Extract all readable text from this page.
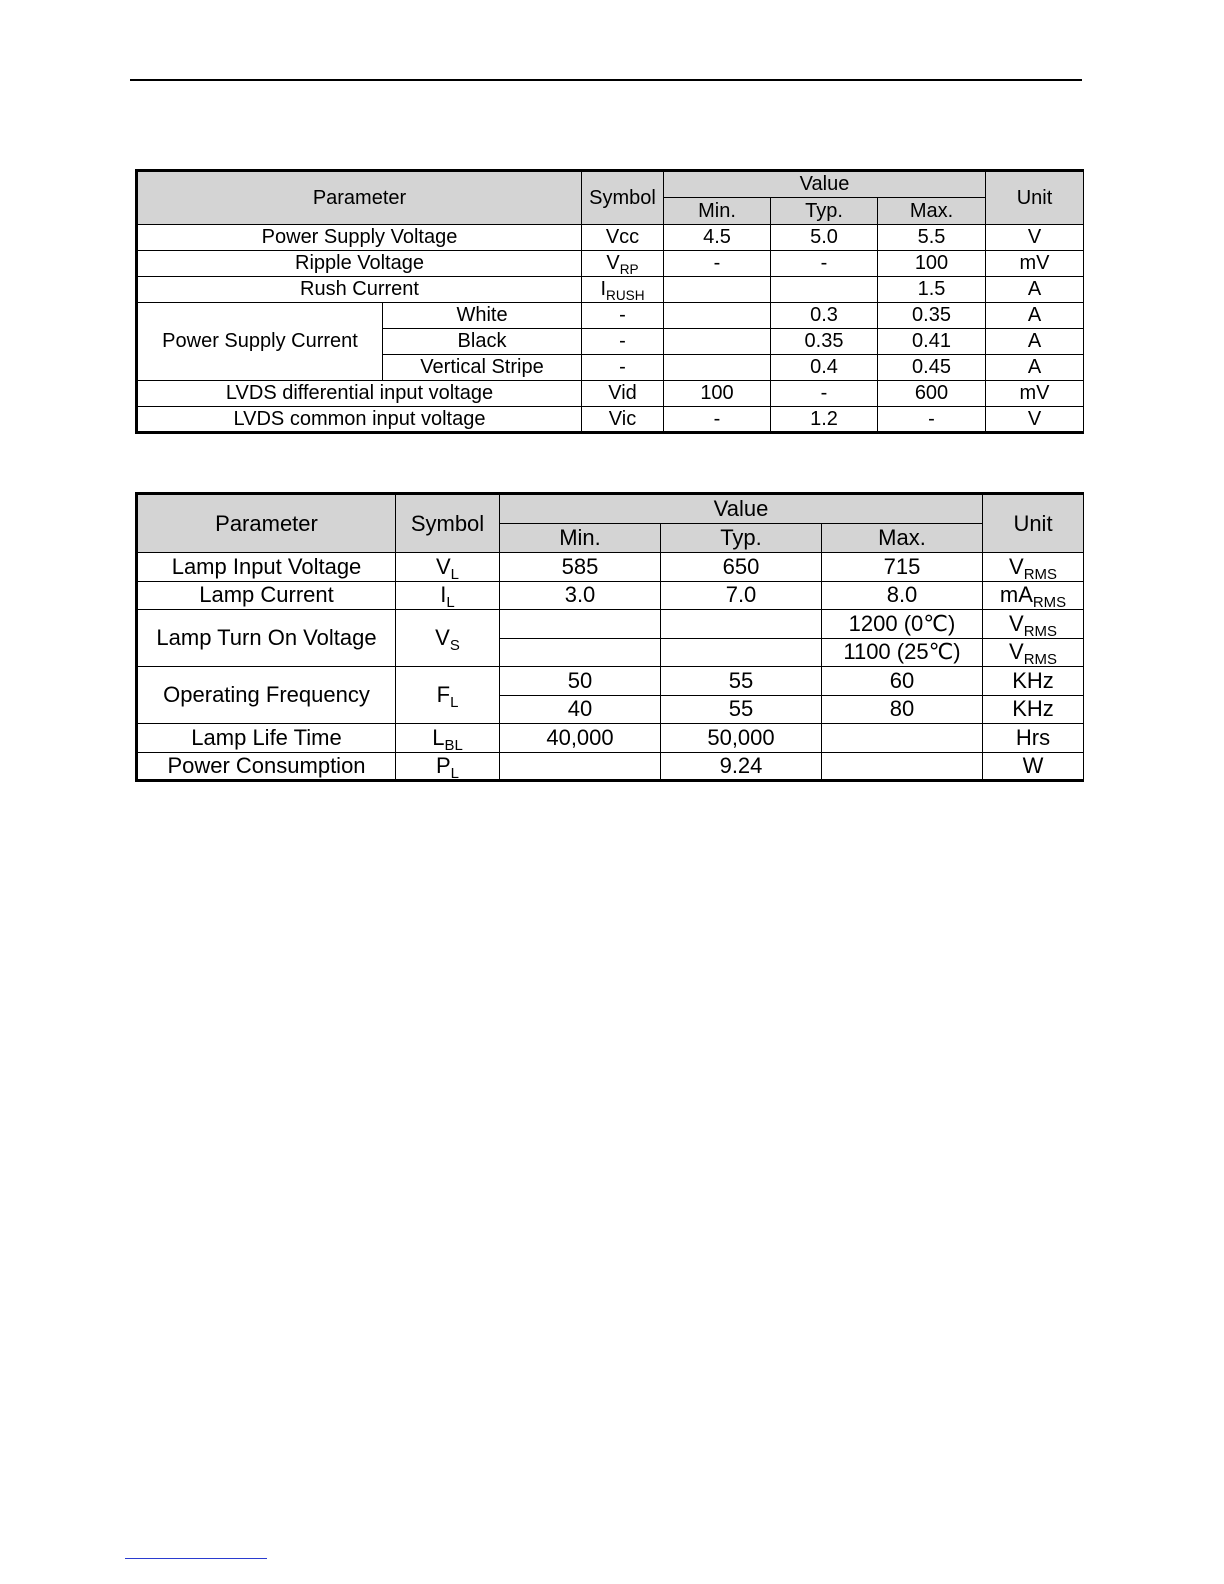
Parameter		Symbol	Value			Unit
			Min.	Typ.	Max.	
Power Supply Voltage		Vcc	4.5	5.0	5.5	V
Ripple Voltage		$V_{RP}$	-	-	100	mV
Rush Current		$I_{RUSH}$			1.5	A
Power Supply Current	White	-		0.3	0.35	A
	Black	-		0.35	0.41	A
	Vertical Stripe	-		0.4	0.45	A
LVDS differential input voltage		Vid	100	-	600	mV
LVDS common input voltage		Vic	-	1.2	-	V
Parameter	Symbol	Value			Unit
		Min.	Typ.	Max.	
Lamp Input Voltage	$V_L$	585	650	715	$V_{RMS}$
Lamp Current	$I_L$	3.0	7.0	8.0	$mA_{RMS}$
Lamp Turn On Voltage	$V_S$			1200 (0℃)	$V_{RMS}$
				1100 (25℃)	$V_{RMS}$
Operating Frequency	$F_L$	50	55	60	KHz
		40	55	80	KHz
Lamp Life Time	$L_{BL}$	40,000	50,000		Hrs
Power Consumption	$P_L$		9.24		W
